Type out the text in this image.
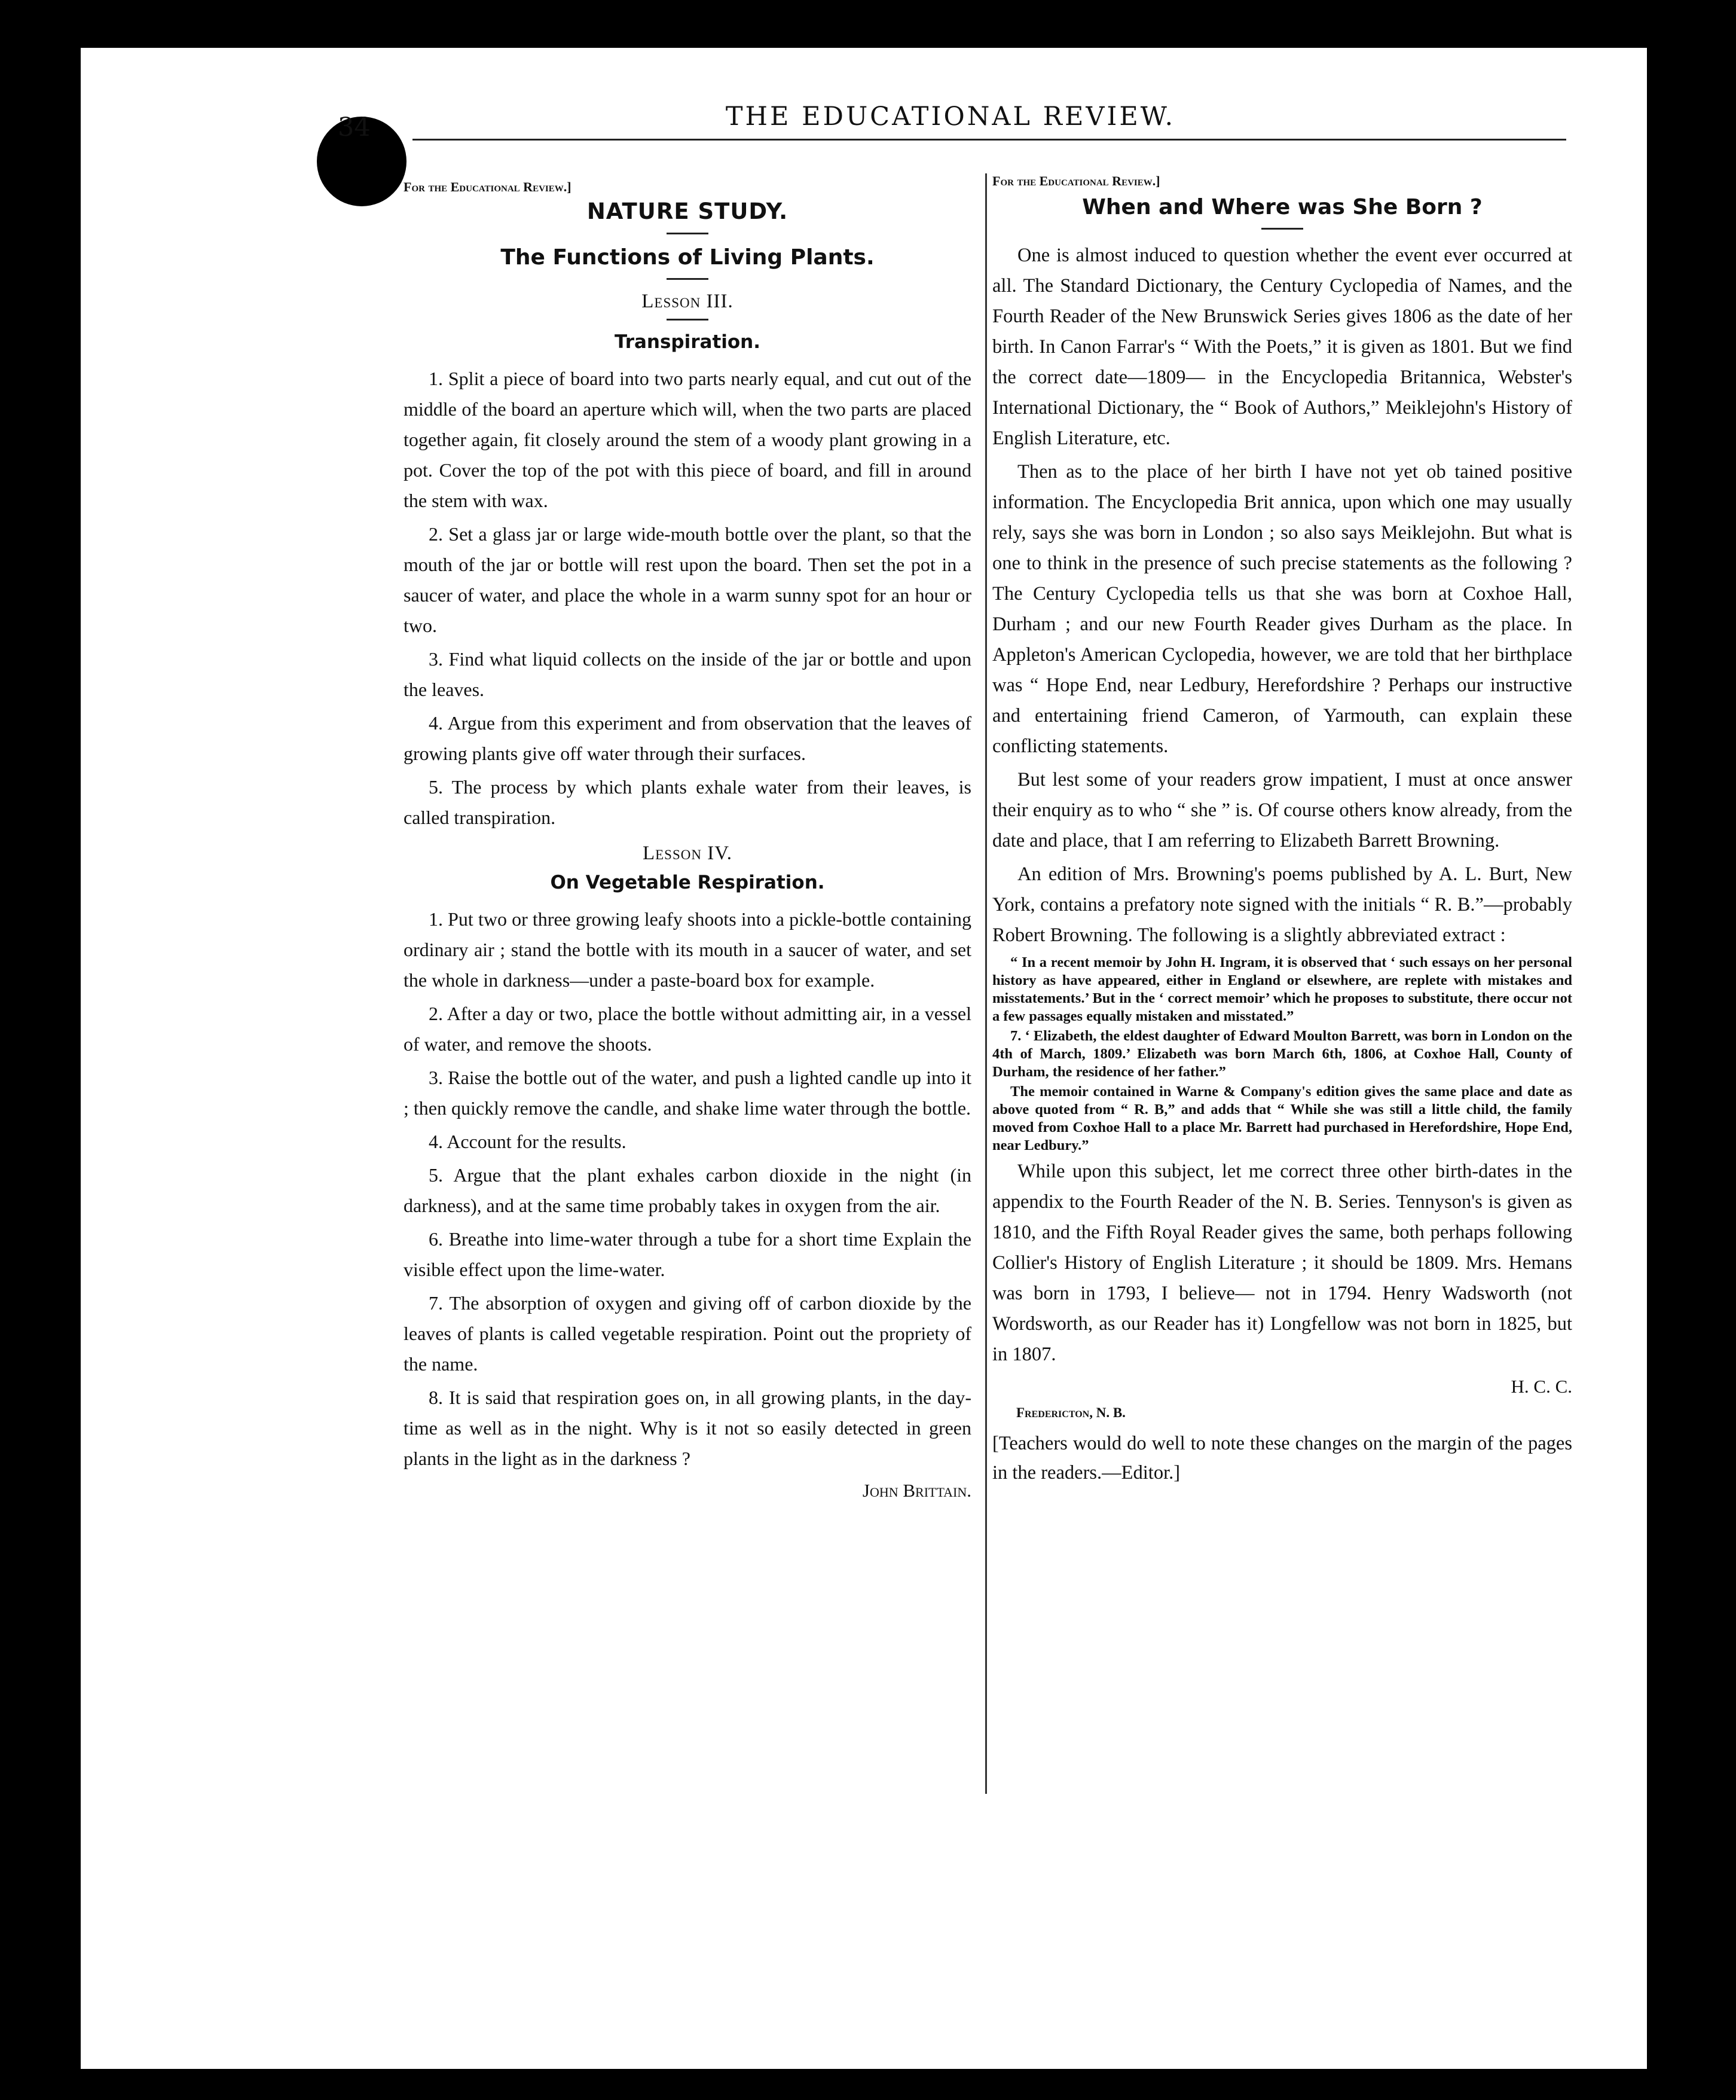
34	THE EDUCATIONAL REVIEW.
For the Educational Review.]
NATURE STUDY.
The Functions of Living Plants.
Lesson III.
Transpiration.

1. Split a piece of board into two parts nearly equal, and cut out of the middle of the board an aperture which will, when the two parts are placed together again, fit closely around the stem of a woody plant growing in a pot. Cover the top of the pot with this piece of board, and fill in around the stem with wax.

2. Set a glass jar or large wide-mouth bottle over the plant, so that the mouth of the jar or bottle will rest upon the board. Then set the pot in a saucer of water, and place the whole in a warm sunny spot for an hour or two.

3. Find what liquid collects on the inside of the jar or bottle and upon the leaves.

4. Argue from this experiment and from observation that the leaves of growing plants give off water through their surfaces.

5. The process by which plants exhale water from their leaves, is called transpiration.

Lesson IV.
On Vegetable Respiration.

1. Put two or three growing leafy shoots into a pickle-bottle containing ordinary air ; stand the bottle with its mouth in a saucer of water, and set the whole in darkness—under a paste-board box for example.

2. After a day or two, place the bottle without admitting air, in a vessel of water, and remove the shoots.

3. Raise the bottle out of the water, and push a lighted candle up into it ; then quickly remove the candle, and shake lime water through the bottle.

4. Account for the results.

5. Argue that the plant exhales carbon dioxide in the night (in darkness), and at the same time probably takes in oxygen from the air.

6. Breathe into lime-water through a tube for a short time Explain the visible effect upon the lime-water.

7. The absorption of oxygen and giving off of carbon dioxide by the leaves of plants is called vegetable respiration. Point out the propriety of the name.

8. It is said that respiration goes on, in all growing plants, in the day-time as well as in the night. Why is it not so easily detected in green plants in the light as in the darkness ?

John Brittain.
For the Educational Review.]
When and Where was She Born ?

One is almost induced to question whether the event ever occurred at all. The Standard Dictionary, the Century Cyclopedia of Names, and the Fourth Reader of the New Brunswick Series gives 1806 as the date of her birth. In Canon Farrar's “ With the Poets,” it is given as 1801. But we find the correct date—1809— in the Encyclopedia Britannica, Webster's International Dictionary, the “ Book of Authors,” Meiklejohn's History of English Literature, etc.

Then as to the place of her birth I have not yet ob tained positive information. The Encyclopedia Brit annica, upon which one may usually rely, says she was born in London ; so also says Meiklejohn. But what is one to think in the presence of such precise statements as the following ? The Century Cyclopedia tells us that she was born at Coxhoe Hall, Durham ; and our new Fourth Reader gives Durham as the place. In Appleton's American Cyclopedia, however, we are told that her birthplace was “ Hope End, near Ledbury, Herefordshire ? Perhaps our instructive and entertaining friend Cameron, of Yarmouth, can explain these conflicting statements.

But lest some of your readers grow impatient, I must at once answer their enquiry as to who “ she ” is. Of course others know already, from the date and place, that I am referring to Elizabeth Barrett Browning.

An edition of Mrs. Browning's poems published by A. L. Burt, New York, contains a prefatory note signed with the initials “ R. B.”—probably Robert Browning. The following is a slightly abbreviated extract :

“ In a recent memoir by John H. Ingram, it is observed that ‘ such essays on her personal history as have appeared, either in England or elsewhere, are replete with mistakes and misstatements.’ But in the ‘ correct memoir’ which he proposes to substitute, there occur not a few passages equally mistaken and misstated.”

7. ‘ Elizabeth, the eldest daughter of Edward Moulton Barrett, was born in London on the 4th of March, 1809.’ Elizabeth was born March 6th, 1806, at Coxhoe Hall, County of Durham, the residence of her father.”

The memoir contained in Warne & Company's edition gives the same place and date as above quoted from “ R. B,” and adds that “ While she was still a little child, the family moved from Coxhoe Hall to a place Mr. Barrett had purchased in Herefordshire, Hope End, near Ledbury.”

While upon this subject, let me correct three other birth-dates in the appendix to the Fourth Reader of the N. B. Series. Tennyson's is given as 1810, and the Fifth Royal Reader gives the same, both perhaps following Collier's History of English Literature ; it should be 1809. Mrs. Hemans was born in 1793, I believe— not in 1794. Henry Wadsworth (not Wordsworth, as our Reader has it) Longfellow was not born in 1825, but in 1807.

H. C. C.
Fredericton, N. B.
[Teachers would do well to note these changes on the margin of the pages in the readers.—Editor.]
